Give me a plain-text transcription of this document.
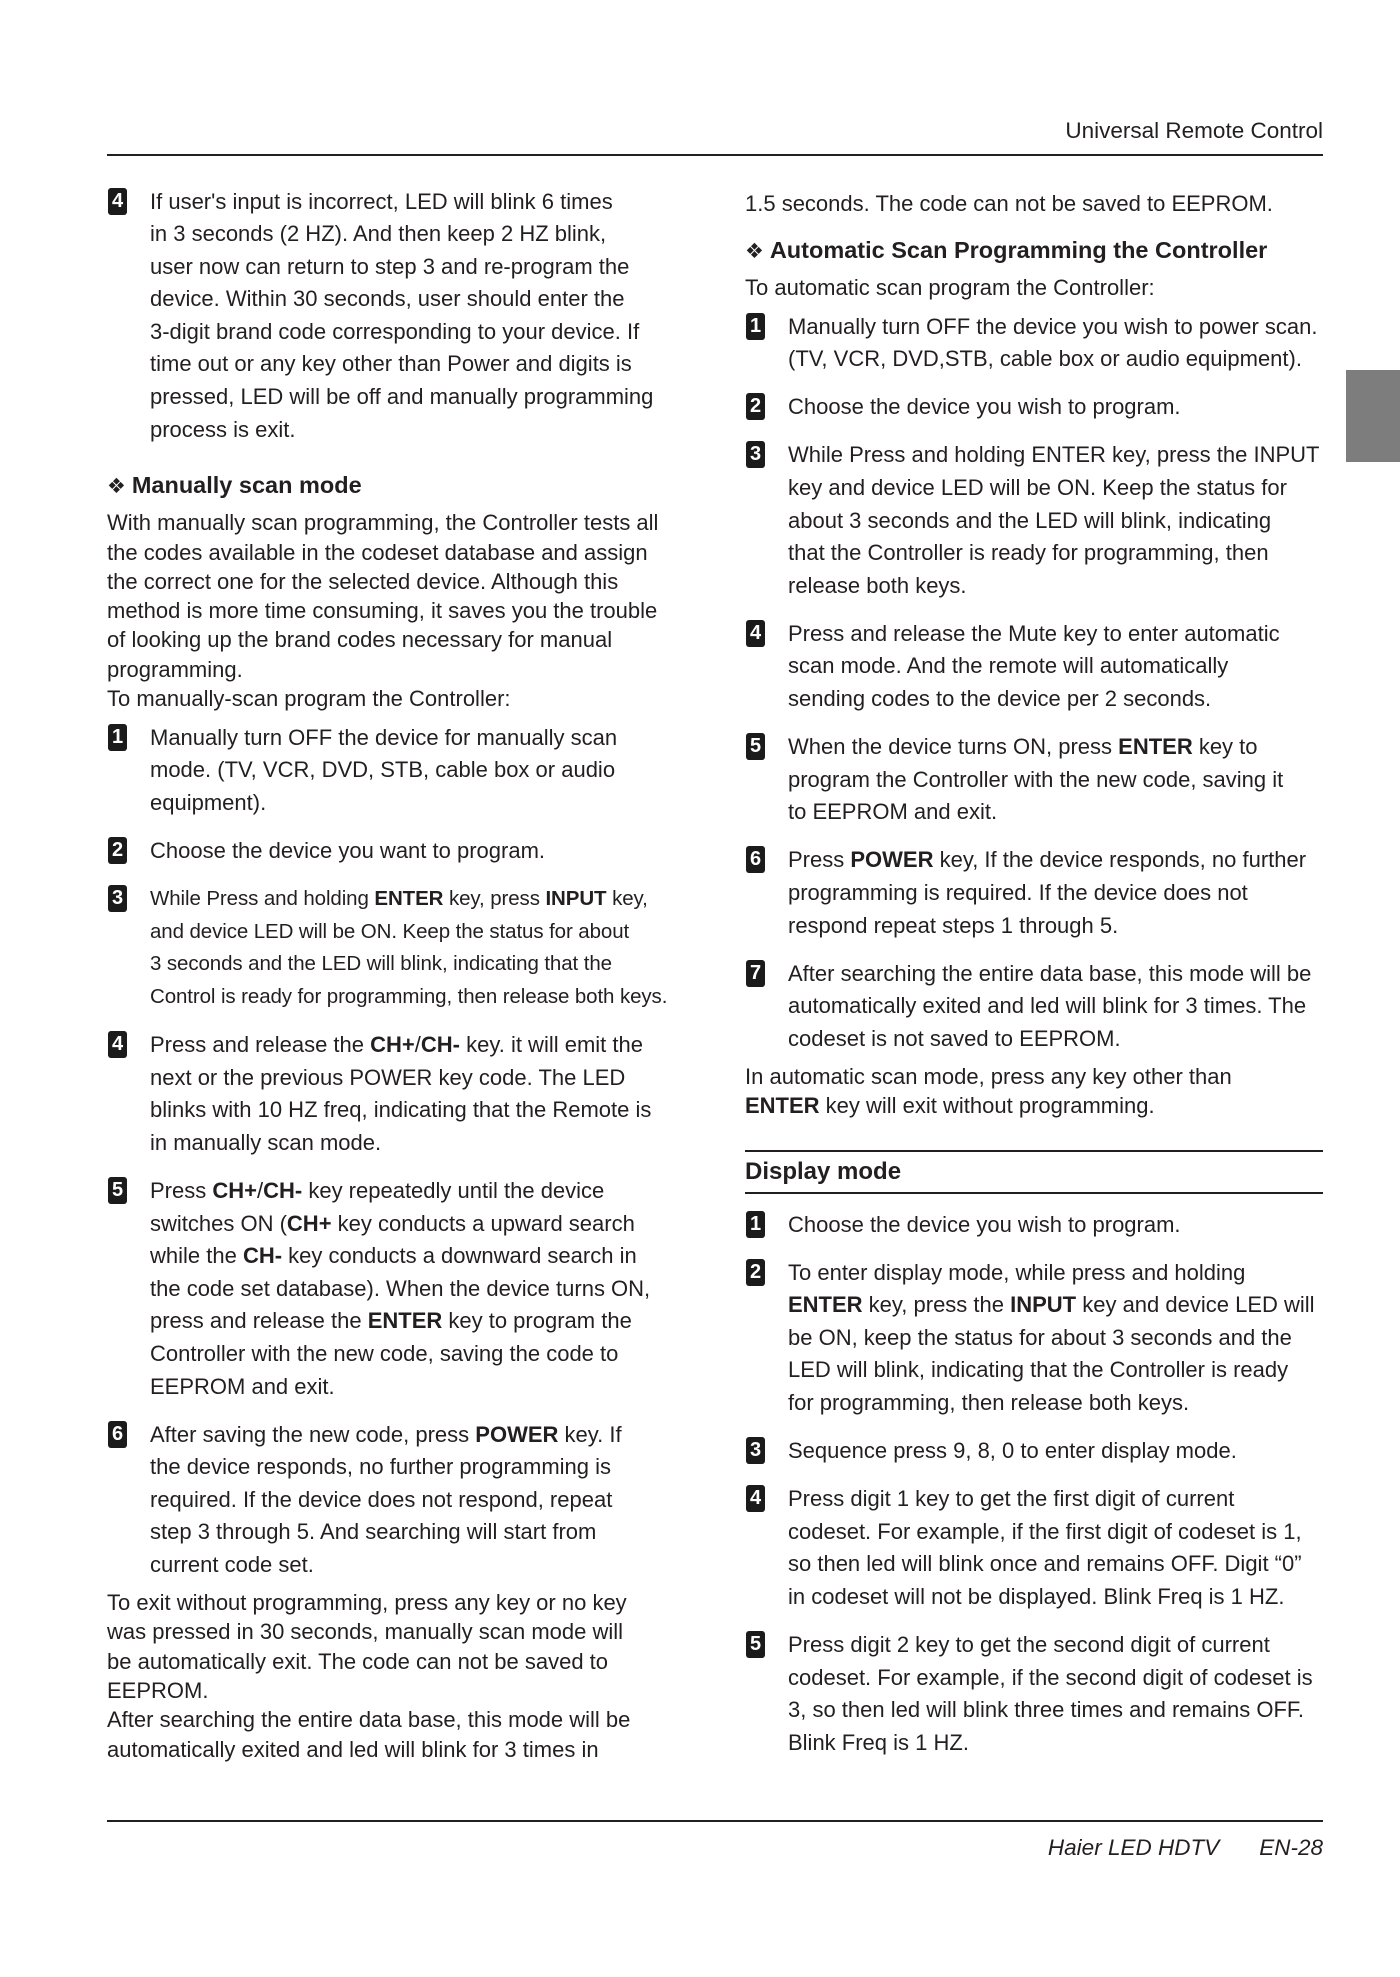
Universal Remote Control
4 If user's input is incorrect, LED will blink 6 times
in 3 seconds (2 HZ). And then keep 2 HZ blink,
user now can return to step 3 and re-program the
device. Within 30 seconds, user should enter the
3-digit brand code corresponding to your device. If
time out or any key other than Power and digits is
pressed, LED will be off and manually programming
process is exit.
❖ Manually scan mode
With manually scan programming, the Controller tests all
the codes available in the codeset database and assign
the correct one for the selected device. Although this
method is more time consuming, it saves you the trouble
of looking up the brand codes necessary for manual
programming.
To manually-scan program the Controller:
1 Manually turn OFF the device for manually scan
mode. (TV, VCR, DVD, STB, cable box or audio
equipment).
2 Choose the device you want to program.
3 While Press and holding ENTER key, press INPUT key,
and device LED will be ON. Keep the status for about
3 seconds and the LED will blink, indicating that the
Control is ready for programming, then release both keys.
4 Press and release the CH+/CH- key. it will emit the
next or the previous POWER key code. The LED
blinks with 10 HZ freq, indicating that the Remote is
in manually scan mode.
5 Press CH+/CH- key repeatedly until the device
switches ON (CH+ key conducts a upward search
while the CH- key conducts a downward search in
the code set database). When the device turns ON,
press and release the ENTER key to program the
Controller with the new code, saving the code to
EEPROM and exit.
6 After saving the new code, press POWER key. If
the device responds, no further programming is
required. If the device does not respond, repeat
step 3 through 5. And searching will start from
current code set.
To exit without programming, press any key or no key
was pressed in 30 seconds, manually scan mode will
be automatically exit. The code can not be saved to
EEPROM.
After searching the entire data base, this mode will be
automatically exited and led will blink for 3 times in
1.5 seconds. The code can not be saved to EEPROM.
❖ Automatic Scan Programming the Controller
To automatic scan program the Controller:
1 Manually turn OFF the device you wish to power scan.
(TV, VCR, DVD,STB, cable box or audio equipment).
2 Choose the device you wish to program.
3 While Press and holding ENTER key, press the INPUT
key and device LED will be ON. Keep the status for
about 3 seconds and the LED will blink, indicating
that the Controller is ready for programming, then
release both keys.
4 Press and release the Mute key to enter automatic
scan mode. And the remote will automatically
sending codes to the device per 2 seconds.
5 When the device turns ON, press ENTER key to
program the Controller with the new code, saving it
to EEPROM and exit.
6 Press POWER key, If the device responds, no further
programming is required. If the device does not
respond repeat steps 1 through 5.
7 After searching the entire data base, this mode will be
automatically exited and led will blink for 3 times. The
codeset is not saved to EEPROM.
In automatic scan mode, press any key other than
ENTER key will exit without programming.
Display mode
1 Choose the device you wish to program.
2 To enter display mode, while press and holding
ENTER key, press the INPUT key and device LED will
be ON, keep the status for about 3 seconds and the
LED will blink, indicating that the Controller is ready
for programming, then release both keys.
3 Sequence press 9, 8, 0 to enter display mode.
4 Press digit 1 key to get the first digit of current
codeset. For example, if the first digit of codeset is 1,
so then led will blink once and remains OFF. Digit “0”
in codeset will not be displayed. Blink Freq is 1 HZ.
5 Press digit 2 key to get the second digit of current
codeset. For example, if the second digit of codeset is
3, so then led will blink three times and remains OFF.
Blink Freq is 1 HZ.
Haier LED HDTV EN-28
